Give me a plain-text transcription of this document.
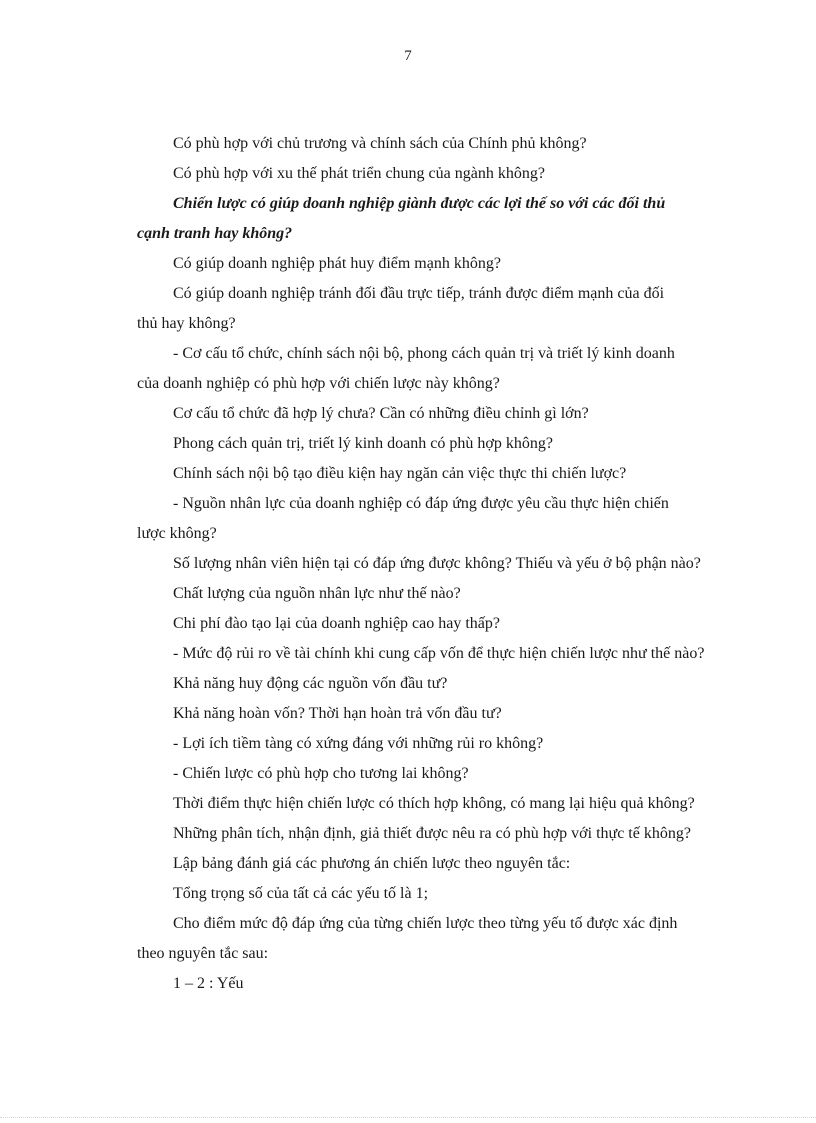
7
Có phù hợp với chủ trương và chính sách của Chính phủ không?
Có phù hợp với xu thế phát triển chung của ngành không?
Chiến lược có giúp doanh nghiệp giành được các lợi thế so với các đối thủ
cạnh tranh hay không?
Có giúp doanh nghiệp phát huy điểm mạnh không?
Có giúp doanh nghiệp tránh đối đầu trực tiếp, tránh được điểm mạnh của đối
thủ hay không?
- Cơ cấu tổ chức, chính sách nội bộ, phong cách quản trị và triết lý kinh doanh
của doanh nghiệp có phù hợp với chiến lược này không?
Cơ cấu tổ chức đã hợp lý chưa? Cần có những điều chỉnh gì lớn?
Phong cách quản trị, triết lý kinh doanh có phù hợp không?
Chính sách nội bộ tạo điều kiện hay ngăn cản việc thực thi chiến lược?
- Nguồn nhân lực của doanh nghiệp có đáp ứng được yêu cầu thực hiện chiến
lược không?
Số lượng nhân viên hiện tại có đáp ứng được không? Thiếu và yếu ở bộ phận nào?
Chất lượng của nguồn nhân lực như thế nào?
Chi phí đào tạo lại của doanh nghiệp cao hay thấp?
- Mức độ rủi ro về tài chính khi cung cấp vốn để thực hiện chiến lược như thế nào?
Khả năng huy động các nguồn vốn đầu tư?
Khả năng hoàn vốn? Thời hạn hoàn trả vốn đầu tư?
- Lợi ích tiềm tàng có xứng đáng với những rủi ro không?
- Chiến lược có phù hợp cho tương lai không?
Thời điểm thực hiện chiến lược có thích hợp không, có mang lại hiệu quả không?
Những phân tích, nhận định, giả thiết được nêu ra có phù hợp với thực tế không?
Lập bảng đánh giá các phương án chiến lược theo nguyên tắc:
Tổng trọng số của tất cả các yếu tố là 1;
Cho điểm mức độ đáp ứng của từng chiến lược theo từng yếu tố được xác định
theo nguyên tắc sau:
1 – 2 : Yếu
